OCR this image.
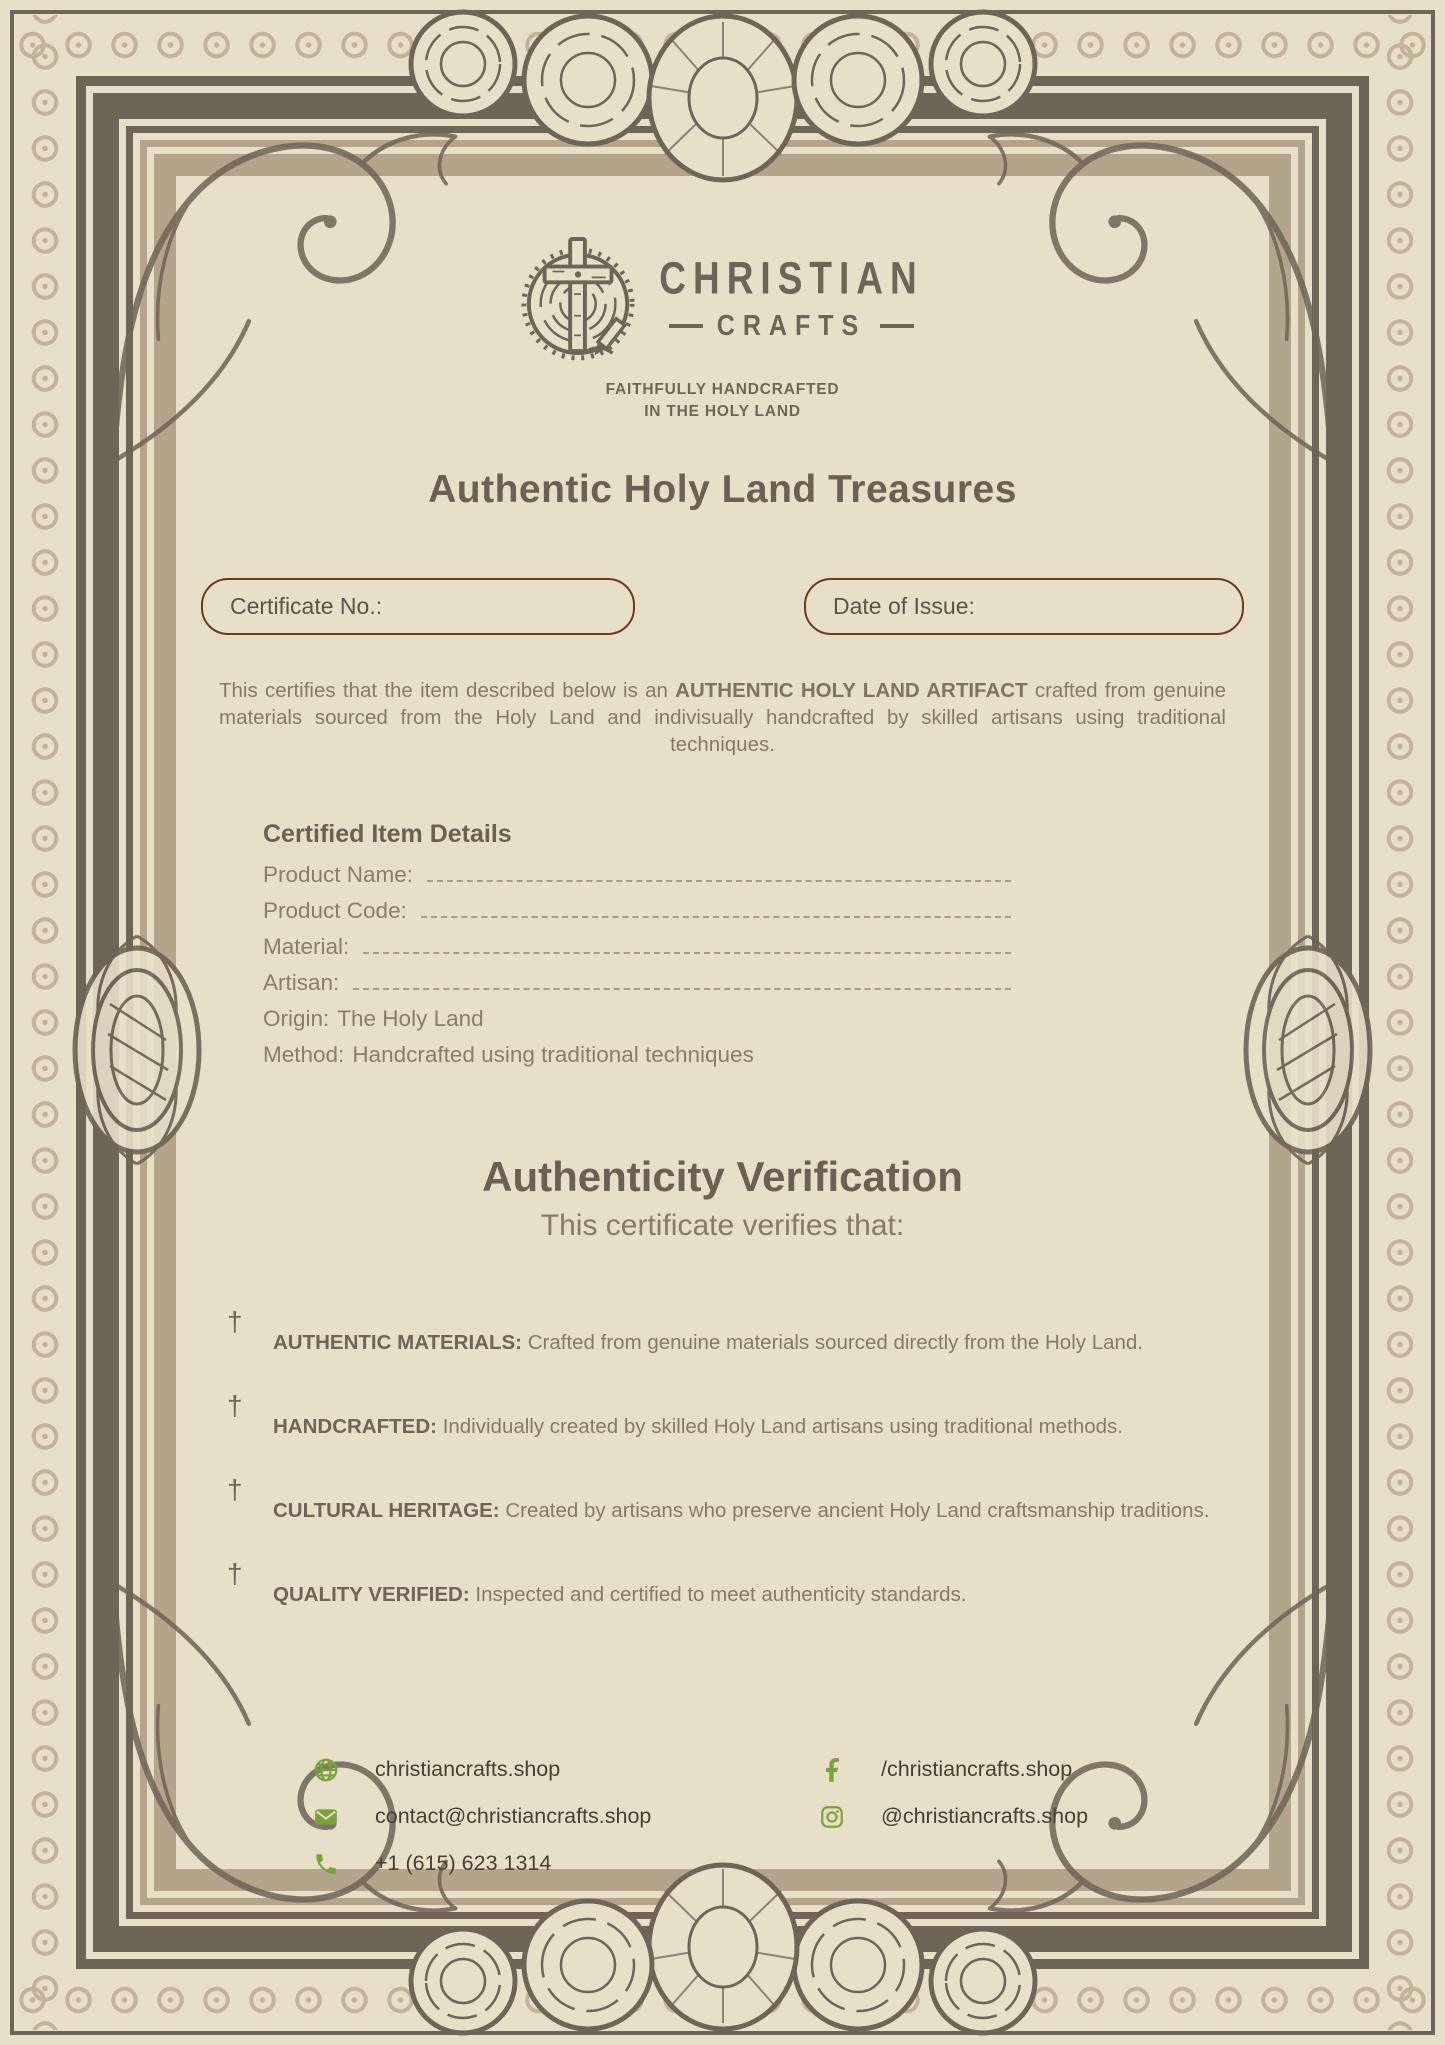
CHRISTIAN
CRAFTS
FAITHFULLY HANDCRAFTED
IN THE HOLY LAND
Authentic Holy Land Treasures
Certificate No.:	Date of Issue:

This certifies that the item described below is an AUTHENTIC HOLY LAND ARTIFACT crafted from genuine materials sourced from the Holy Land and indivisually handcrafted by skilled artisans using traditional techniques.

Certified Item Details
Product Name:
Product Code:
Material:
Artisan:
Origin: The Holy Land
Method: Handcrafted using traditional techniques
Authenticity Verification
This certificate verifies that:
†

AUTHENTIC MATERIALS: Crafted from genuine materials sourced directly from the Holy Land.

†

HANDCRAFTED: Individually created by skilled Holy Land artisans using traditional methods.

†

CULTURAL HERITAGE: Created by artisans who preserve ancient Holy Land craftsmanship traditions.

†

QUALITY VERIFIED: Inspected and certified to meet authenticity standards.

christiancrafts.shop
contact@christiancrafts.shop
+1 (615) 623 1314
/christiancrafts.shop
@christiancrafts.shop
